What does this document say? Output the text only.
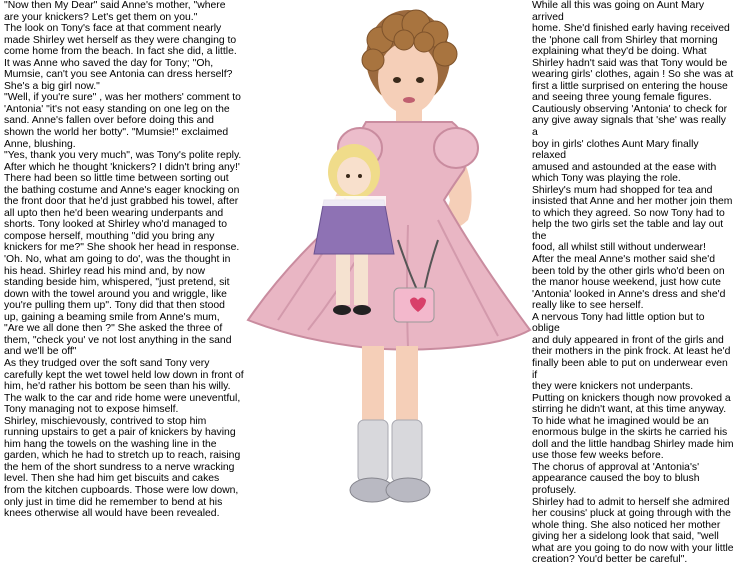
"Now then My Dear" said Anne's mother, "where
are your knickers? Let's get them on you."

The look on Tony's face at that comment nearly
made Shirley wet herself as they were changing to
come home from the beach. In fact she did, a little.
It was Anne who saved the day for Tony; "Oh,
Mumsie, can't you see Antonia can dress herself?
She's a big girl now."

"Well, if you're sure" , was her mothers' comment to
'Antonia' "it's not easy standing on one leg on the
sand. Anne's fallen over before doing this and
shown the world her botty". "Mumsie!" exclaimed
Anne, blushing.

"Yes, thank you very much", was Tony's polite reply.
After which he thought 'knickers? I didn't bring any!'
There had been so little time between sorting out
the bathing costume and Anne's eager knocking on
the front door that he'd just grabbed his towel, after
all upto then he'd been wearing underpants and
shorts. Tony looked at Shirley who'd managed to
compose herself, mouthing "did you bring any
knickers for me?" She shook her head in response.
'Oh. No, what am going to do', was the thought in
his head. Shirley read his mind and, by now
standing beside him, whispered, "just pretend, sit
down with the towel around you and wriggle, like
you're pulling them up". Tony did that then stood
up, gaining a beaming smile from Anne's mum,
"Are we all done then ?" She asked the three of
them, "check you' ve not lost anything in the sand
and we'll be off"

As they trudged over the soft sand Tony very
carefully kept the wet towel held low down in front of
him, he'd rather his bottom be seen than his willy.
The walk to the car and ride home were uneventful,
Tony managing not to expose himself.

Shirley, mischievously, contrived to stop him
running upstairs to get a pair of knickers by having
him hang the towels on the washing line in the
garden, which he had to stretch up to reach, raising
the hem of the short sundress to a nerve wracking
level. Then she had him get biscuits and cakes
from the kitchen cupboards. Those were low down,
only just in time did he remember to bend at his
knees otherwise all would have been revealed.

While all this was going on Aunt Mary arrived
home. She'd finished early having received
the 'phone call from Shirley that morning
explaining what they'd be doing. What
Shirley hadn't said was that Tony would be
wearing girls' clothes, again ! So she was at
first a little surprised on entering the house
and seeing three young female figures.
Cautiously observing 'Antonia' to check for
any give away signals that 'she' was really a
boy in girls' clothes Aunt Mary finally relaxed
amused and astounded at the ease with
which Tony was playing the role.

Shirley's mum had shopped for tea and
insisted that Anne and her mother join them
to which they agreed. So now Tony had to
help the two girls set the table and lay out the
food, all whilst still without underwear!

After the meal Anne's mother said she'd
been told by the other girls who'd been on
the manor house weekend, just how cute
'Antonia' looked in Anne's dress and she'd
really like to see herself.

A nervous Tony had little option but to oblige
and duly appeared in front of the girls and
their mothers in the pink frock. At least he'd
finally been able to put on underwear even if
they were knickers not underpants.

Putting on knickers though now provoked a
stirring he didn't want, at this time anyway.
To hide what he imagined would be an
enormous bulge in the skirts he carried his
doll and the little handbag Shirley made him
use those few weeks before.

The chorus of approval at 'Antonia's'
appearance caused the boy to blush
profusely.

Shirley had to admit to herself she admired
her cousins' pluck at going through with the
whole thing. She also noticed her mother
giving her a sidelong look that said, "well
what are you going to do now with your little
creation? You'd better be careful".
